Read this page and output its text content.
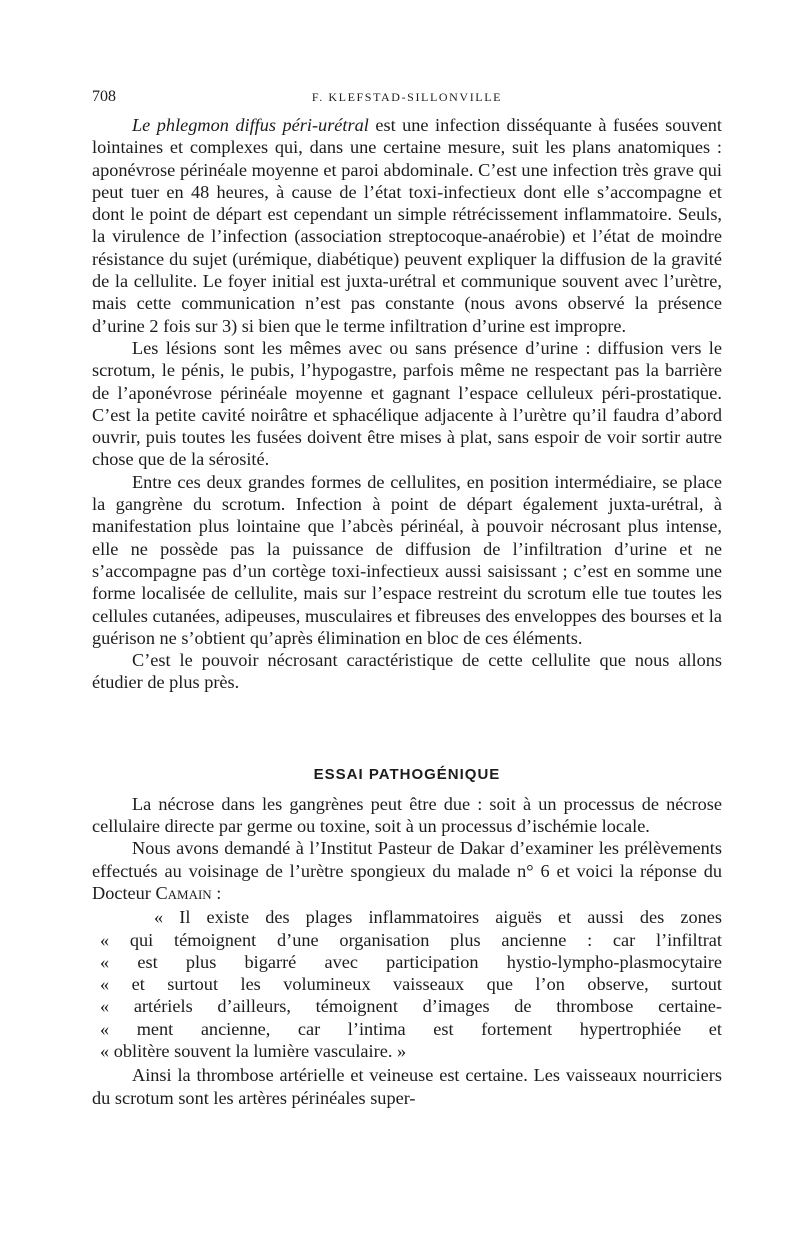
708	F. KLEFSTAD-SILLONVILLE

Le phlegmon diffus péri-urétral est une infection disséquante à fusées souvent lointaines et complexes qui, dans une certaine mesure, suit les plans anatomiques : aponévrose périnéale moyenne et paroi abdominale. C’est une infection très grave qui peut tuer en 48 heures, à cause de l’état toxi-infectieux dont elle s’accompagne et dont le point de départ est cependant un simple rétrécissement inflammatoire. Seuls, la virulence de l’infection (association streptocoque-anaérobie) et l’état de moindre résistance du sujet (urémique, diabétique) peuvent expliquer la diffusion de la gravité de la cellulite. Le foyer initial est juxta-urétral et communique souvent avec l’urètre, mais cette communication n’est pas constante (nous avons observé la présence d’urine 2 fois sur 3) si bien que le terme infiltration d’urine est impropre.

Les lésions sont les mêmes avec ou sans présence d’urine : diffusion vers le scrotum, le pénis, le pubis, l’hypogastre, parfois même ne respectant pas la barrière de l’aponévrose périnéale moyenne et gagnant l’espace celluleux péri-prostatique. C’est la petite cavité noirâtre et sphacélique adjacente à l’urètre qu’il faudra d’abord ouvrir, puis toutes les fusées doivent être mises à plat, sans espoir de voir sortir autre chose que de la sérosité.

Entre ces deux grandes formes de cellulites, en position intermédiaire, se place la gangrène du scrotum. Infection à point de départ également juxta-urétral, à manifestation plus lointaine que l’abcès périnéal, à pouvoir nécrosant plus intense, elle ne possède pas la puissance de diffusion de l’infiltration d’urine et ne s’accompagne pas d’un cortège toxi-infectieux aussi saisissant ; c’est en somme une forme localisée de cellulite, mais sur l’espace restreint du scrotum elle tue toutes les cellules cutanées, adipeuses, musculaires et fibreuses des enveloppes des bourses et la guérison ne s’obtient qu’après élimination en bloc de ces éléments.

C’est le pouvoir nécrosant caractéristique de cette cellulite que nous allons étudier de plus près.

ESSAI PATHOGÉNIQUE

La nécrose dans les gangrènes peut être due : soit à un processus de nécrose cellulaire directe par germe ou toxine, soit à un processus d’ischémie locale.

Nous avons demandé à l’Institut Pasteur de Dakar d’examiner les prélèvements effectués au voisinage de l’urètre spongieux du malade n° 6 et voici la réponse du Docteur Camain :

« Il existe des plages inflammatoires aiguës et aussi des zones
« qui témoignent d’une organisation plus ancienne : car l’infiltrat
« est plus bigarré avec participation hystio-lympho-plasmocytaire
« et surtout les volumineux vaisseaux que l’on observe, surtout
« artériels d’ailleurs, témoignent d’images de thrombose certaine-
« ment ancienne, car l’intima est fortement hypertrophiée et
« oblitère souvent la lumière vasculaire. »

Ainsi la thrombose artérielle et veineuse est certaine. Les vaisseaux nourriciers du scrotum sont les artères périnéales super-
